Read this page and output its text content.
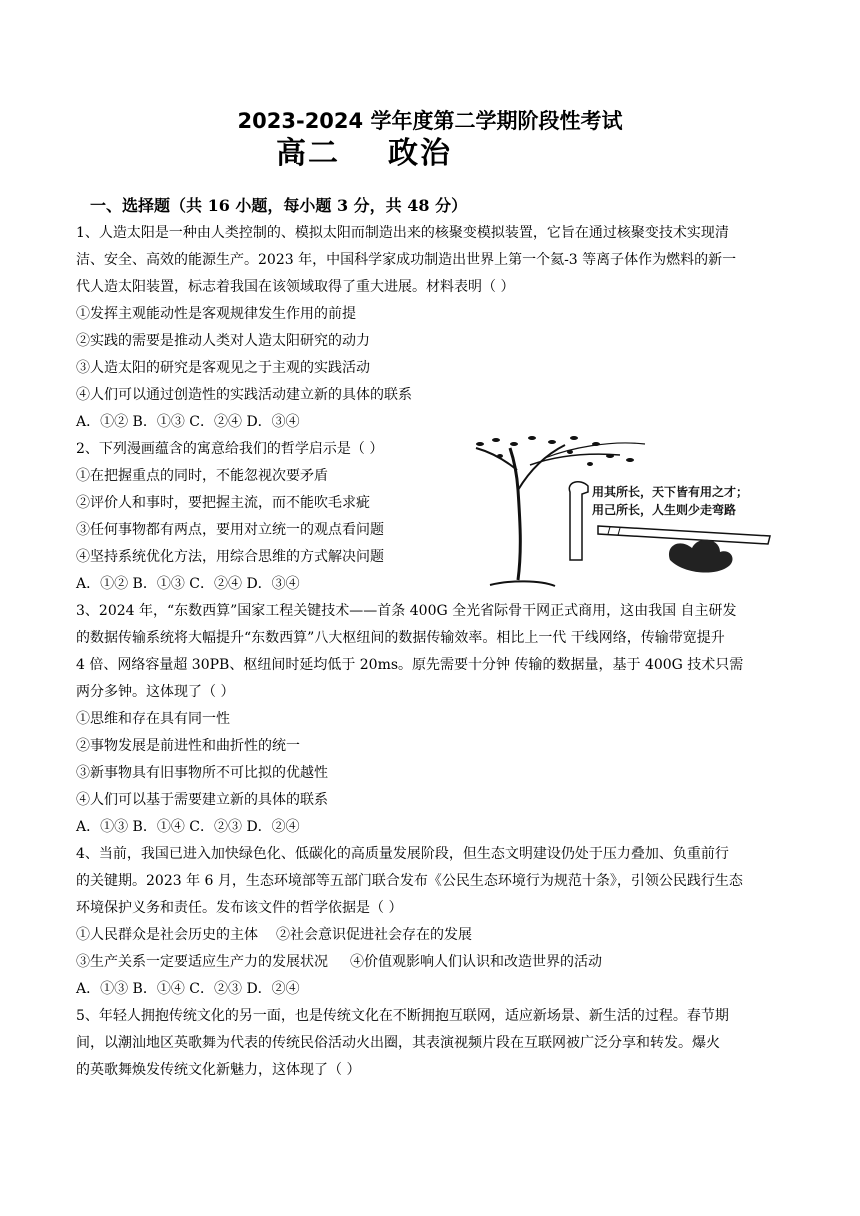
2023-2024 学年度第二学期阶段性考试
高二 政治
一、选择题（共 16 小题，每小题 3 分，共 48 分）

1、人造太阳是一种由人类控制的、模拟太阳而制造出来的核聚变模拟装置，它旨在通过核聚变技术实现清

洁、安全、高效的能源生产。2023 年，中国科学家成功制造出世界上第一个氦-3 等离子体作为燃料的新一

代人造太阳装置，标志着我国在该领域取得了重大进展。材料表明（ ）

①发挥主观能动性是客观规律发生作用的前提

②实践的需要是推动人类对人造太阳研究的动力

③人造太阳的研究是客观见之于主观的实践活动

④人们可以通过创造性的实践活动建立新的具体的联系

A．①② B．①③ C．②④ D．③④

2、下列漫画蕴含的寓意给我们的哲学启示是（ ）

①在把握重点的同时，不能忽视次要矛盾

②评价人和事时，要把握主流，而不能吹毛求疵

③任何事物都有两点，要用对立统一的观点看问题

④坚持系统优化方法，用综合思维的方式解决问题

A．①② B．①③ C．②④ D．③④

3、2024 年，“东数西算”国家工程关键技术——首条 400G 全光省际骨干网正式商用，这由我国 自主研发

的数据传输系统将大幅提升“东数西算”八大枢纽间的数据传输效率。相比上一代 干线网络，传输带宽提升

4 倍、网络容量超 30PB、枢纽间时延均低于 20ms。原先需要十分钟 传输的数据量，基于 400G 技术只需

两分多钟。这体现了（ ）

①思维和存在具有同一性

②事物发展是前进性和曲折性的统一

③新事物具有旧事物所不可比拟的优越性

④人们可以基于需要建立新的具体的联系

A．①③ B．①④ C．②③ D．②④

4、当前，我国已进入加快绿色化、低碳化的高质量发展阶段，但生态文明建设仍处于压力叠加、负重前行

的关键期。2023 年 6 月，生态环境部等五部门联合发布《公民生态环境行为规范十条》，引领公民践行生态

环境保护义务和责任。发布该文件的哲学依据是（ ）

①人民群众是社会历史的主体 ②社会意识促进社会存在的发展

③生产关系一定要适应生产力的发展状况 ④价值观影响人们认识和改造世界的活动

A．①③ B．①④ C．②③ D．②④

5、年轻人拥抱传统文化的另一面，也是传统文化在不断拥抱互联网，适应新场景、新生活的过程。春节期

间，以潮汕地区英歌舞为代表的传统民俗活动火出圈，其表演视频片段在互联网被广泛分享和转发。爆火

的英歌舞焕发传统文化新魅力，这体现了（ ）

用其所长，天下皆有用之才；
用己所长，人生则少走弯路
